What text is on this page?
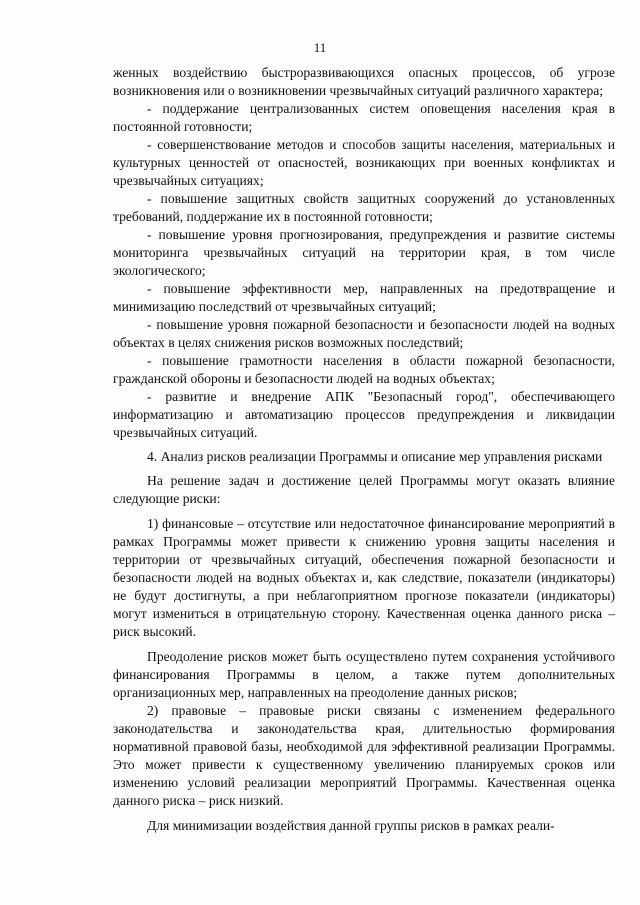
11

женных воздействию быстроразвивающихся опасных процессов, об угрозе возникновения или о возникновении чрезвычайных ситуаций различного характера;

- поддержание централизованных систем оповещения населения края в постоянной готовности;

- совершенствование методов и способов защиты населения, материальных и культурных ценностей от опасностей, возникающих при военных конфликтах и чрезвычайных ситуациях;

- повышение защитных свойств защитных сооружений до установленных требований, поддержание их в постоянной готовности;

- повышение уровня прогнозирования, предупреждения и развитие системы мониторинга чрезвычайных ситуаций на территории края, в том числе экологического;

- повышение эффективности мер, направленных на предотвращение и минимизацию последствий от чрезвычайных ситуаций;

- повышение уровня пожарной безопасности и безопасности людей на водных объектах в целях снижения рисков возможных последствий;

- повышение грамотности населения в области пожарной безопасности, гражданской обороны и безопасности людей на водных объектах;

- развитие и внедрение АПК "Безопасный город", обеспечивающего информатизацию и автоматизацию процессов предупреждения и ликвидации чрезвычайных ситуаций.

4. Анализ рисков реализации Программы и описание мер управления рисками

На решение задач и достижение целей Программы могут оказать влияние следующие риски:

1) финансовые – отсутствие или недостаточное финансирование мероприятий в рамках Программы может привести к снижению уровня защиты населения и территории от чрезвычайных ситуаций, обеспечения пожарной безопасности и безопасности людей на водных объектах и, как следствие, показатели (индикаторы) не будут достигнуты, а при неблагоприятном прогнозе показатели (индикаторы) могут измениться в отрицательную сторону. Качественная оценка данного риска – риск высокий.

Преодоление рисков может быть осуществлено путем сохранения устойчивого финансирования Программы в целом, а также путем дополнительных организационных мер, направленных на преодоление данных рисков;

2) правовые – правовые риски связаны с изменением федерального законодательства и законодательства края, длительностью формирования нормативной правовой базы, необходимой для эффективной реализации Программы. Это может привести к существенному увеличению планируемых сроков или изменению условий реализации мероприятий Программы. Качественная оценка данного риска – риск низкий.

Для минимизации воздействия данной группы рисков в рамках реали-
